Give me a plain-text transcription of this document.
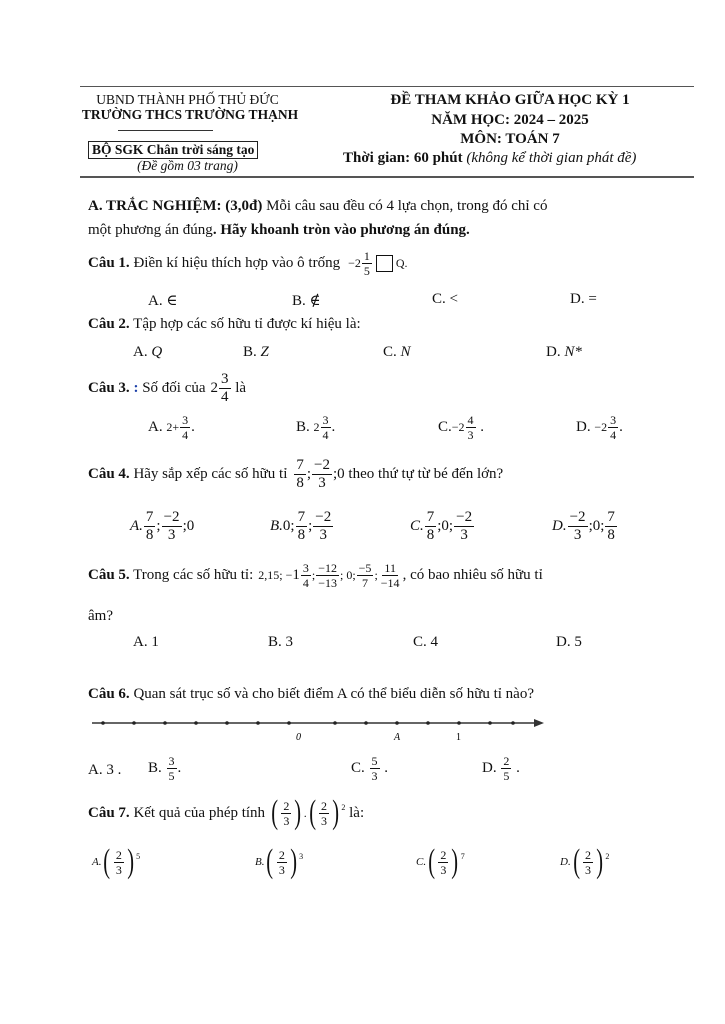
UBND THÀNH PHỐ THỦ ĐỨC
TRƯỜNG THCS TRƯỜNG THẠNH
BỘ SGK Chân trời sáng tạo
(Đề gồm 03 trang)
ĐỀ THAM KHẢO GIỮA HỌC KỲ 1
NĂM HỌC: 2024 – 2025
MÔN: TOÁN 7
Thời gian: 60 phút (không kể thời gian phát đề)
A. TRẮC NGHIỆM: (3,0đ) Mỗi câu sau đều có 4 lựa chọn, trong đó chỉ có
một phương án đúng. Hãy khoanh tròn vào phương án đúng.
Câu 1. Điền kí hiệu thích hợp vào ô trống $-2 \frac{1}{5}$ Q .
A. ∈	B. ∉	C. <	D. =
Câu 2. Tập hợp các số hữu tỉ được kí hiệu là:
A. Q	B. Z	C. N	D. N*
Câu 3. : Số đối của $2 \frac{3}{4}$ là
A.
$2+ \frac{3}{4}$ .	B.
$2 \frac{3}{4}$ .	C. $-2 \frac{4}{3}$ .	D.
$-2 \frac{3}{4}$ .
Câu 4. Hãy sắp xếp các số hữu tỉ $\frac{7}{8}$ ; $\frac{-2}{3}$ ;0 theo thứ tự từ bé đến lớn?
A. $\frac{7}{8}$ ; $\frac{-2}{3}$ ;0	B. 0; $\frac{7}{8}$ ; $\frac{-2}{3}$	C. $\frac{7}{8}$ ;0; $\frac{-2}{3}$	D. $\frac{-2}{3}$ ;0; $\frac{7}{8}$
Câu 5. Trong các số hữu tỉ: 2,15; − $1 \frac{3}{4}$ ; $\frac{-12}{-13}$ ; 0; $\frac{-5}{7}$ ; $\frac{11}{-14}$ , có bao nhiêu số hữu tỉ
âm?
A. 1	B. 3	C. 4	D. 5
Câu 6. Quan sát trục số và cho biết điểm A có thể biểu diễn số hữu tỉ nào?
0	A	1
A. 3 . B.
$\frac{3}{5}$ .	C.
$\frac{5}{3}$ .	D.
$\frac{2}{5}$ .
Câu 7. Kết quả của phép tính ( $\frac{2}{3}$ ) . ( $\frac{2}{3}$ ) 2 là:
A. ( $\frac{2}{3}$ ) 5	B. ( $\frac{2}{3}$ ) 3	C. ( $\frac{2}{3}$ ) 7	D. ( $\frac{2}{3}$ ) 2
